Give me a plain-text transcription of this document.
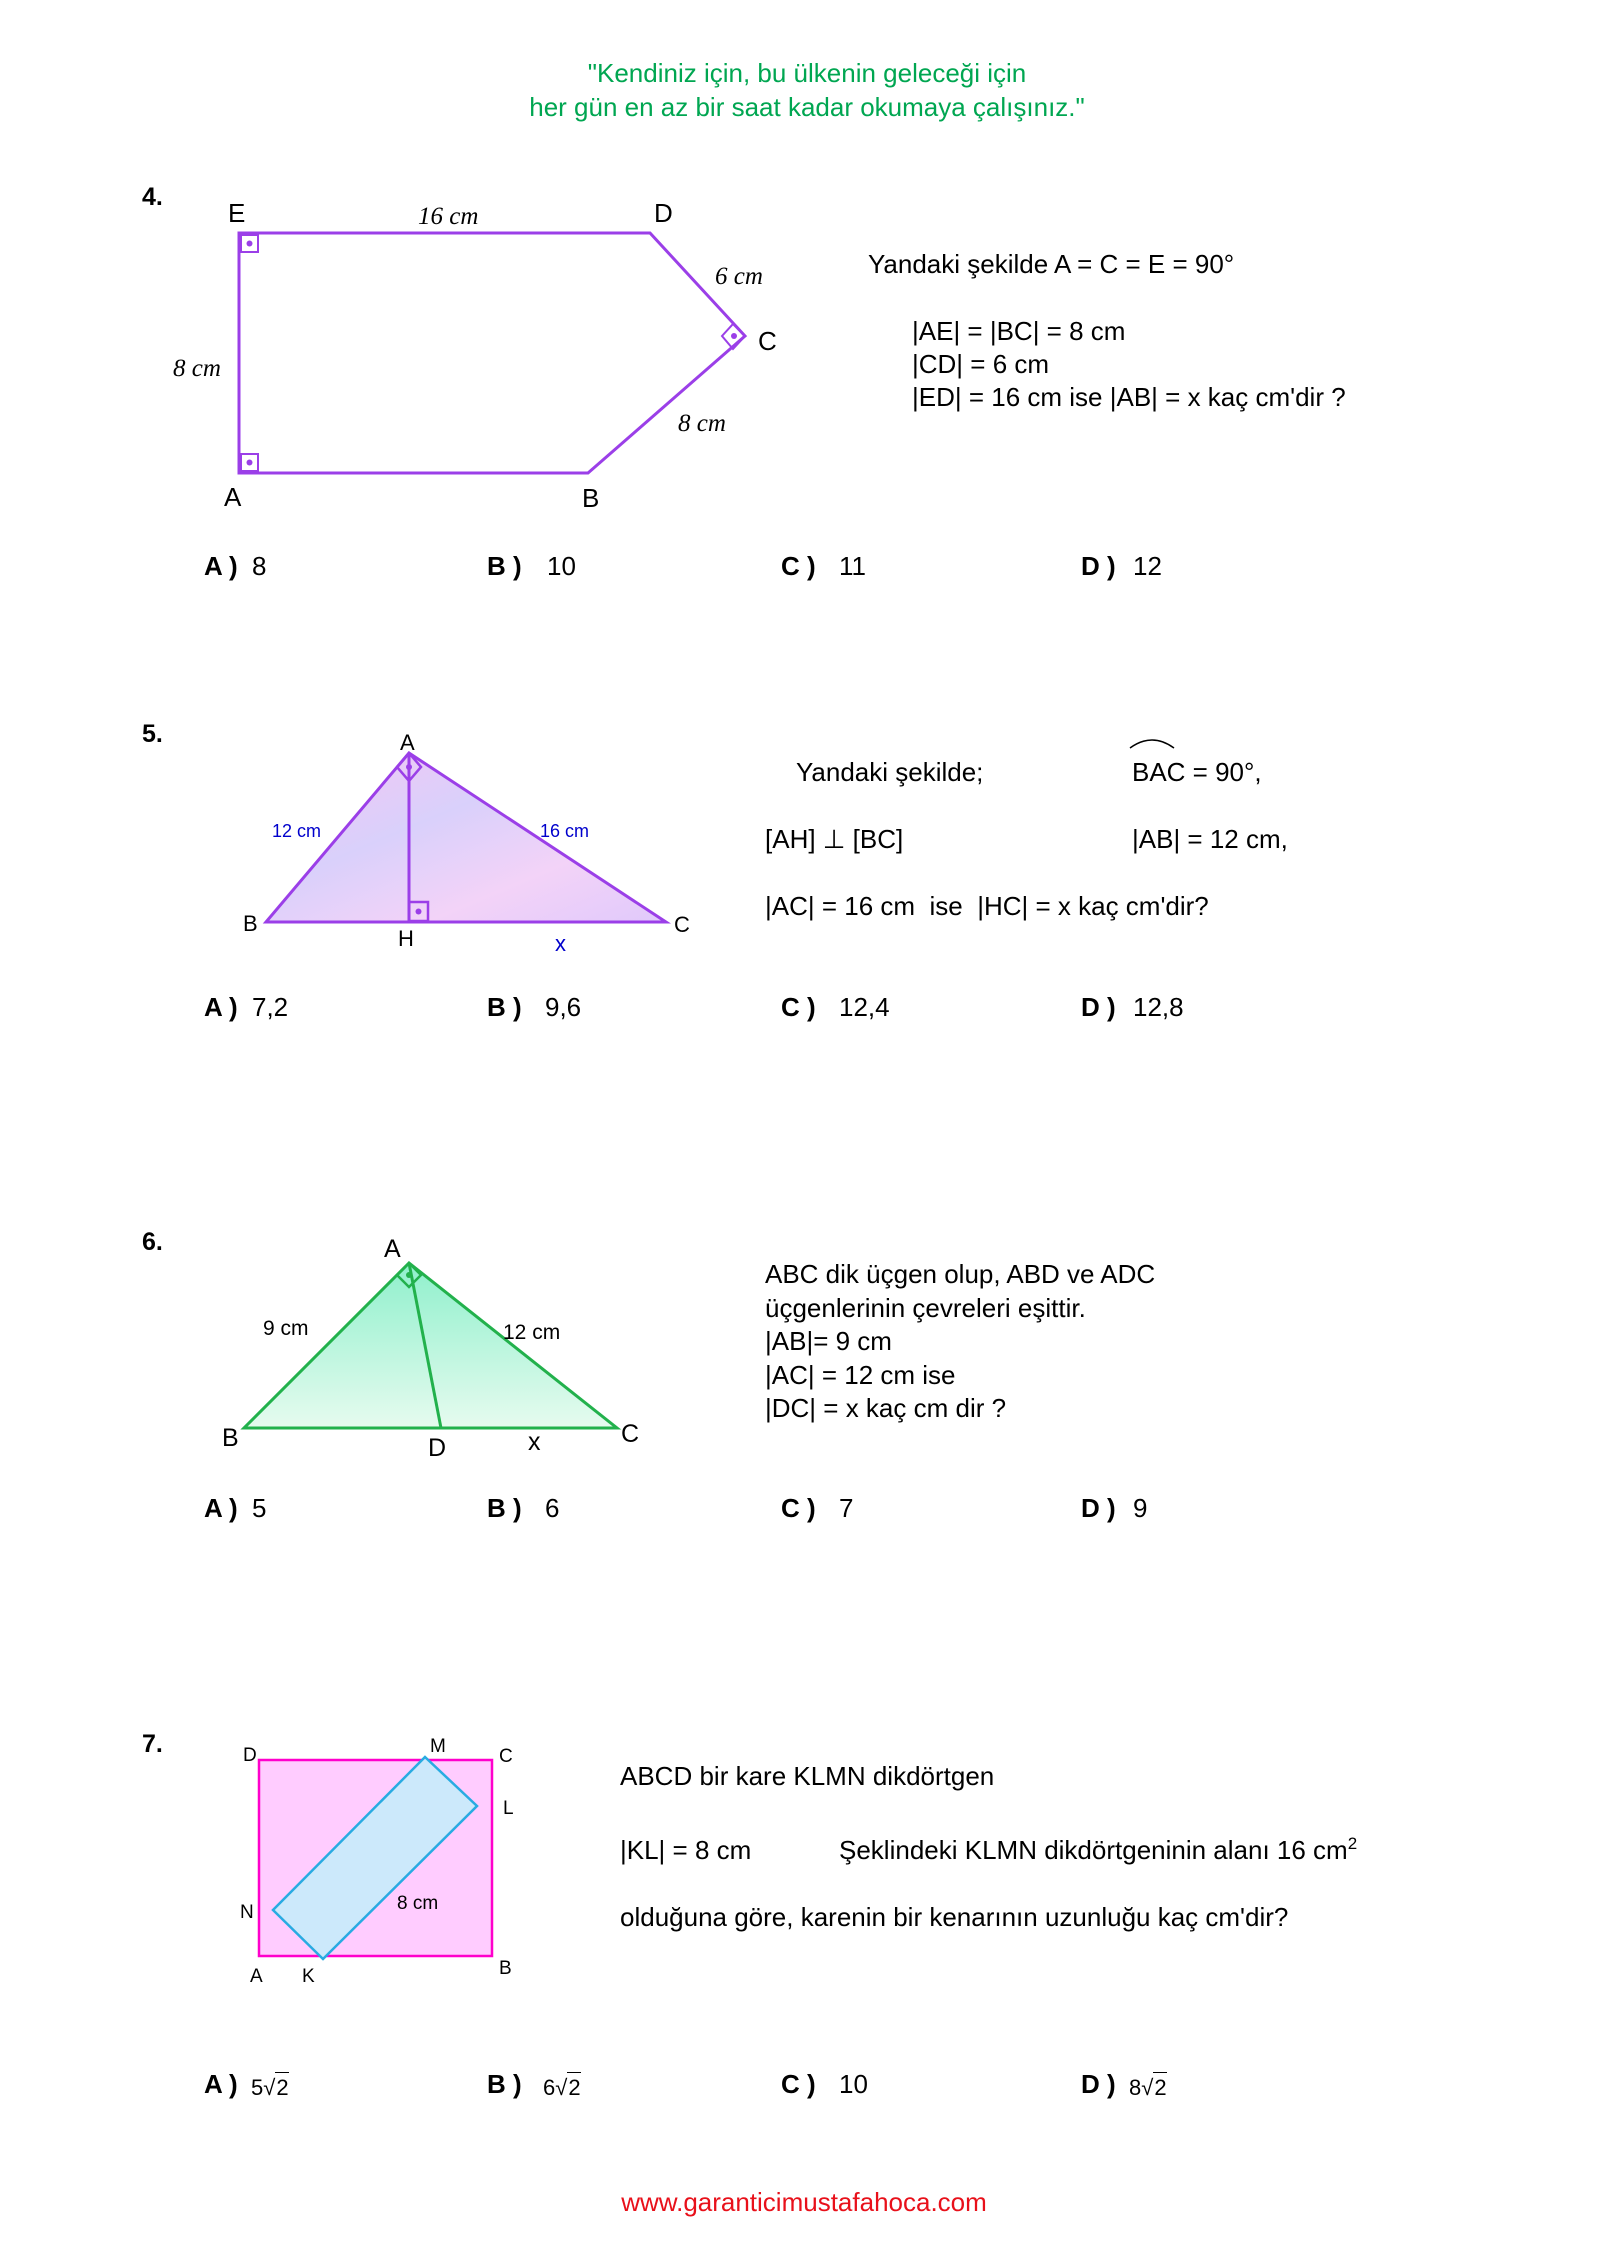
E	D
C
A	B
16 cm
6 cm
8 cm
8 cm
A
B	C
H	x
12 cm	16 cm
A
B	D	C
x
9 cm	12 cm
D	M	C
L
N
A K	B
8 cm
"Kendiniz için, bu ülkenin geleceği için
her gün en az bir saat kadar okumaya çalışınız."
4.
Yandaki şekilde A = C = E = 90°
|AE| = |BC| = 8 cm
|CD| = 6 cm
|ED| = 16 cm ise |AB| = x kaç cm'dir ?
A ) 8	B ) 10	C ) 11	D ) 12
5.
Yandaki şekilde;	BAC = 90°,
[AH] ⊥ [BC]	|AB| = 12 cm,
|AC| = 16 cm  ise  |HC| = x kaç cm'dir?
A ) 7,2	B ) 9,6	C ) 12,4	D ) 12,8
6.
ABC dik üçgen olup, ABD ve ADC
üçgenlerinin çevreleri eşittir.
|AB|= 9 cm
|AC| = 12 cm ise
|DC| = x kaç cm dir ?
A ) 5	B ) 6	C ) 7	D ) 9
7.
ABCD bir kare KLMN dikdörtgen
|KL| = 8 cm	Şeklindeki KLMN dikdörtgeninin alanı 16 $cm^2$
olduğuna göre, karenin bir kenarının uzunluğu kaç cm'dir?
A ) 5√2	B ) 6√2	C ) 10	D ) 8√2
www.garanticimustafahoca.com
